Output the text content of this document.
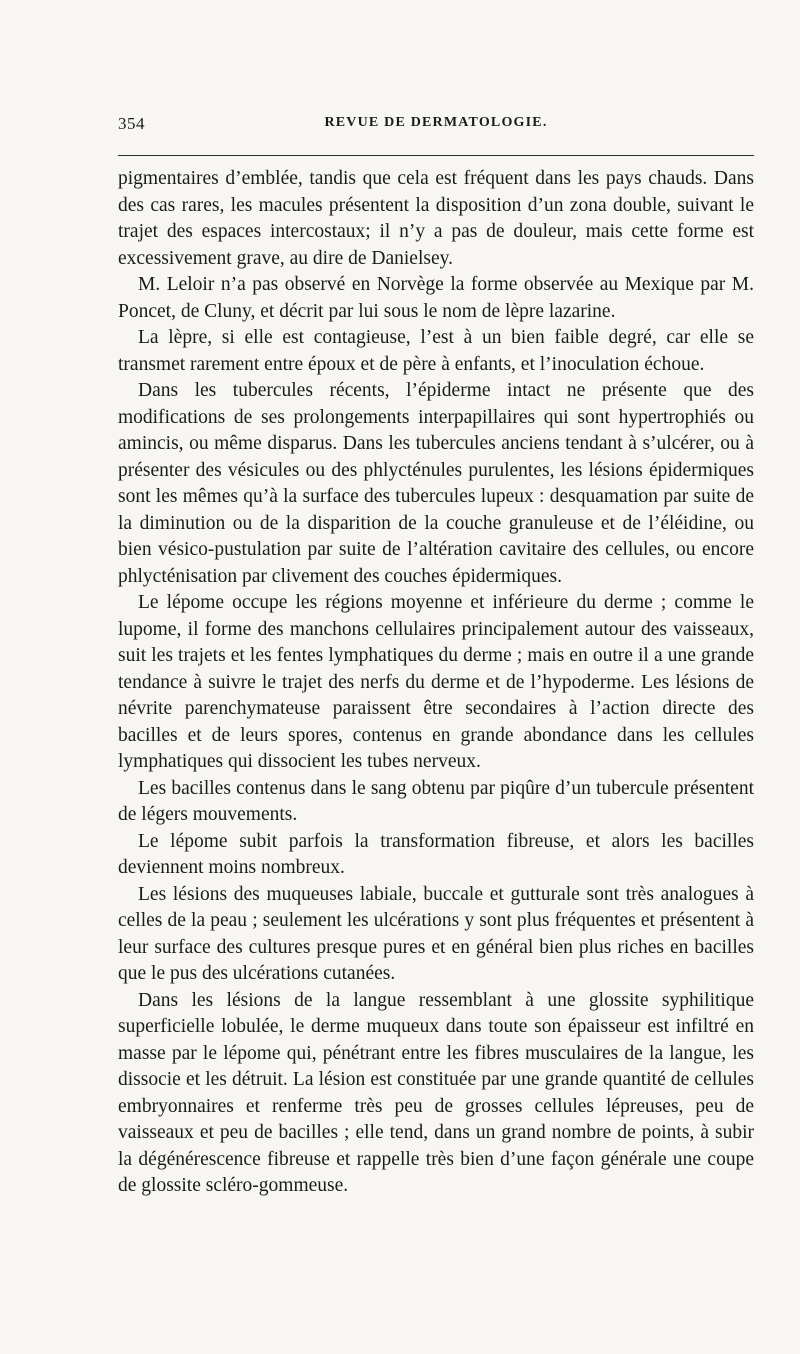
354	REVUE DE DERMATOLOGIE.

pigmentaires d’emblée, tandis que cela est fréquent dans les pays chauds. Dans des cas rares, les macules présentent la disposition d’un zona double, suivant le trajet des espaces intercostaux; il n’y a pas de douleur, mais cette forme est excessivement grave, au dire de Danielsey.

M. Leloir n’a pas observé en Norvège la forme observée au Mexique par M. Poncet, de Cluny, et décrit par lui sous le nom de lèpre lazarine.

La lèpre, si elle est contagieuse, l’est à un bien faible degré, car elle se transmet rarement entre époux et de père à enfants, et l’inoculation échoue.

Dans les tubercules récents, l’épiderme intact ne présente que des modifications de ses prolongements interpapillaires qui sont hypertrophiés ou amincis, ou même disparus. Dans les tubercules anciens tendant à s’ulcérer, ou à présenter des vésicules ou des phlycténules purulentes, les lésions épidermiques sont les mêmes qu’à la surface des tubercules lupeux : desquamation par suite de la diminution ou de la disparition de la couche granuleuse et de l’éléidine, ou bien vésico-pustulation par suite de l’altération cavitaire des cellules, ou encore phlycténisation par clivement des couches épidermiques.

Le lépome occupe les régions moyenne et inférieure du derme ; comme le lupome, il forme des manchons cellulaires principalement autour des vaisseaux, suit les trajets et les fentes lymphatiques du derme ; mais en outre il a une grande tendance à suivre le trajet des nerfs du derme et de l’hypoderme. Les lésions de névrite parenchymateuse paraissent être secondaires à l’action directe des bacilles et de leurs spores, contenus en grande abondance dans les cellules lymphatiques qui dissocient les tubes nerveux.

Les bacilles contenus dans le sang obtenu par piqûre d’un tubercule présentent de légers mouvements.

Le lépome subit parfois la transformation fibreuse, et alors les bacilles deviennent moins nombreux.

Les lésions des muqueuses labiale, buccale et gutturale sont très analogues à celles de la peau ; seulement les ulcérations y sont plus fréquentes et présentent à leur surface des cultures presque pures et en général bien plus riches en bacilles que le pus des ulcérations cutanées.

Dans les lésions de la langue ressemblant à une glossite syphilitique superficielle lobulée, le derme muqueux dans toute son épaisseur est infiltré en masse par le lépome qui, pénétrant entre les fibres musculaires de la langue, les dissocie et les détruit. La lésion est constituée par une grande quantité de cellules embryonnaires et renferme très peu de grosses cellules lépreuses, peu de vaisseaux et peu de bacilles ; elle tend, dans un grand nombre de points, à subir la dégénérescence fibreuse et rappelle très bien d’une façon générale une coupe de glossite scléro-gommeuse.
